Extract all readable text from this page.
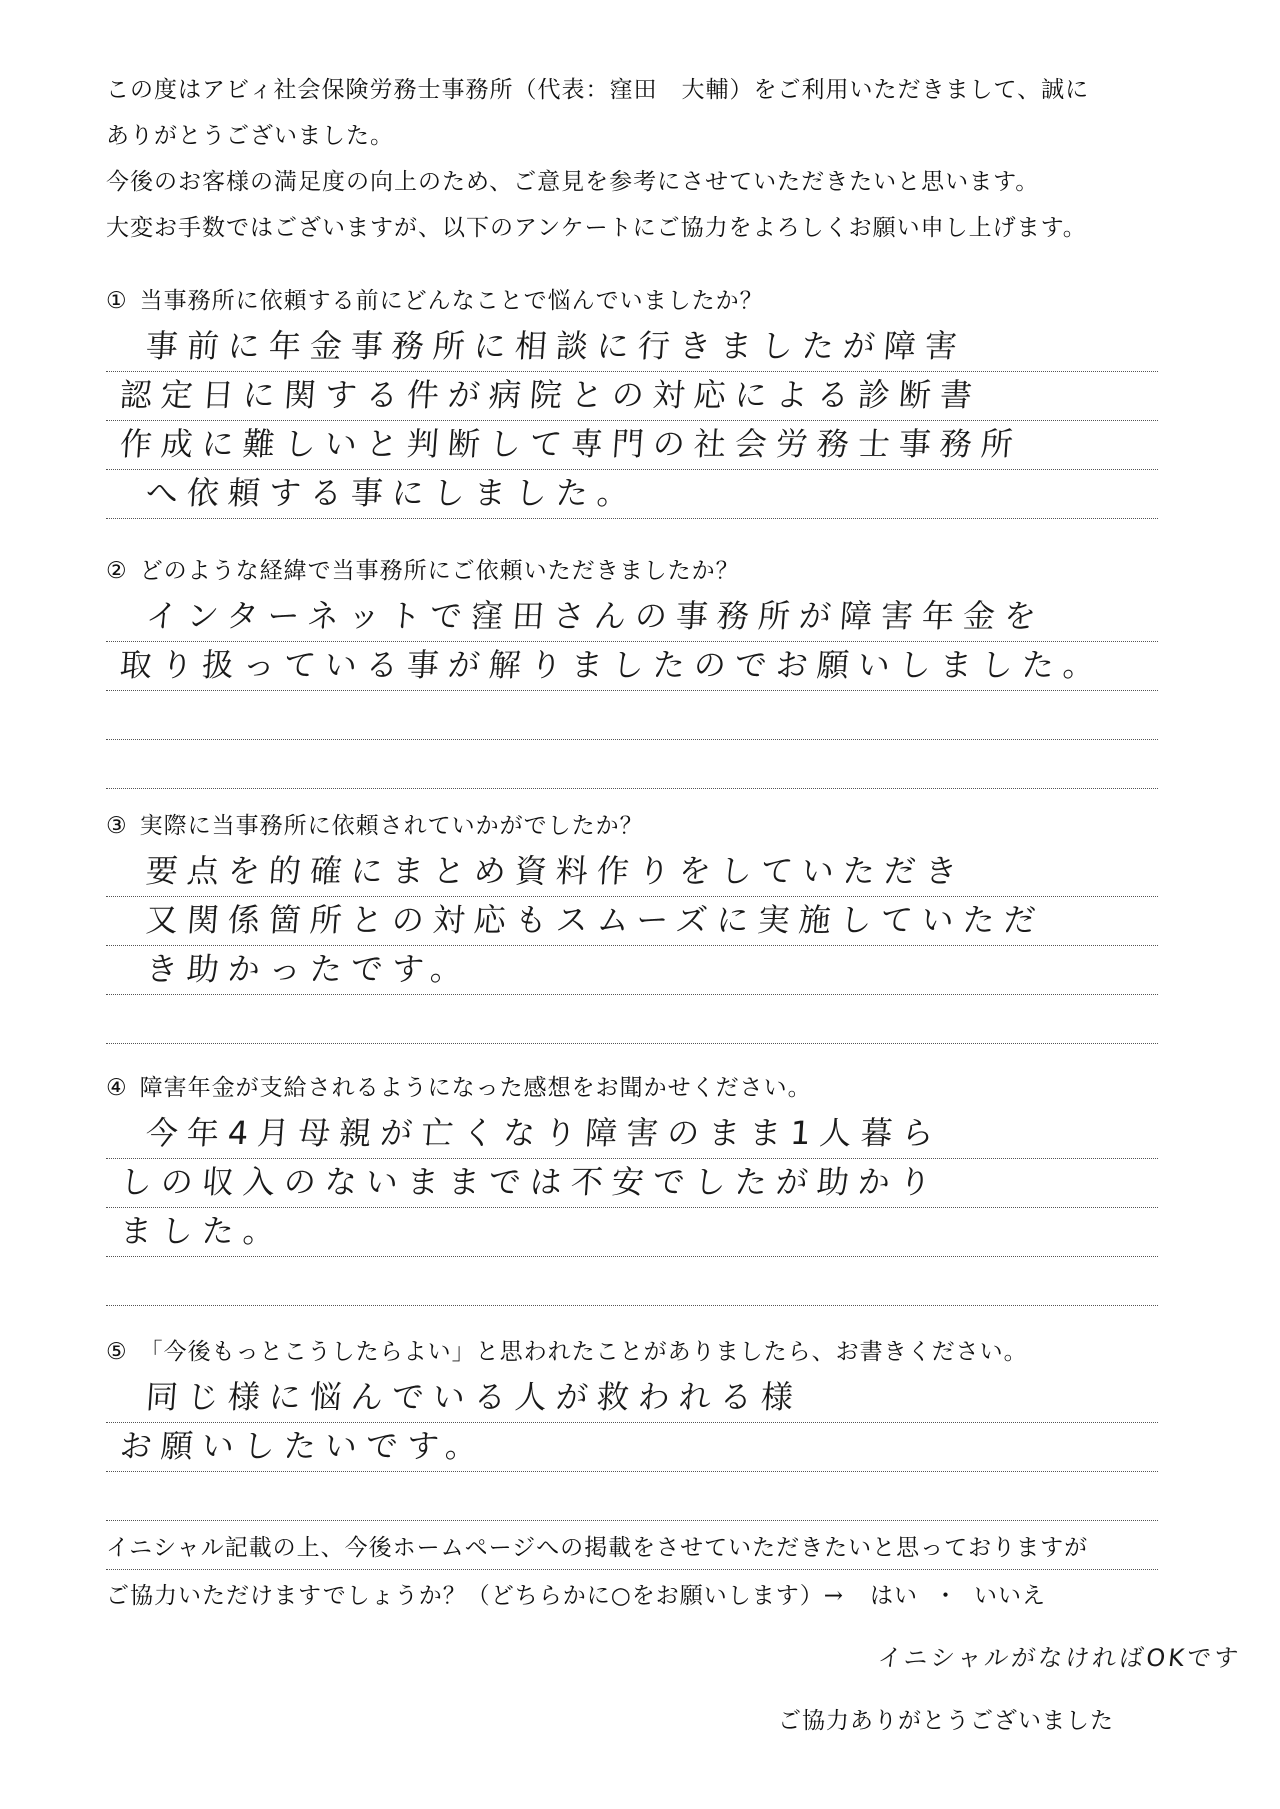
この度はアビィ社会保険労務士事務所（代表：窪田　大輔）をご利用いただきまして、誠に

ありがとうございました。

今後のお客様の満足度の向上のため、ご意見を参考にさせていただきたいと思います。

大変お手数ではございますが、以下のアンケートにご協力をよろしくお願い申し上げます。

① 当事務所に依頼する前にどんなことで悩んでいましたか？

事前に年金事務所に相談に行きましたが障害
認定日に関する件が病院との対応による診断書
作成に難しいと判断して専門の社会労務士事務所
へ依頼する事にしました。

② どのような経緯で当事務所にご依頼いただきましたか？

インターネットで窪田さんの事務所が障害年金を
取り扱っている事が解りましたのでお願いしました。

③ 実際に当事務所に依頼されていかがでしたか？

要点を的確にまとめ資料作りをしていただき
又関係箇所との対応もスムーズに実施していただ
き助かったです。

④ 障害年金が支給されるようになった感想をお聞かせください。

今年4月母親が亡くなり障害のまま1人暮ら
しの収入のないままでは不安でしたが助かり
ました。

⑤ 「今後もっとこうしたらよい」と思われたことがありましたら、お書きください。

同じ様に悩んでいる人が救われる様
お願いしたいです。

イニシャル記載の上、今後ホームページへの掲載をさせていただきたいと思っておりますが

ご協力いただけますでしょうか？（どちらかに○をお願いします）→ はい ・ いいえ

イニシャルがなければOKです
ご協力ありがとうございました
